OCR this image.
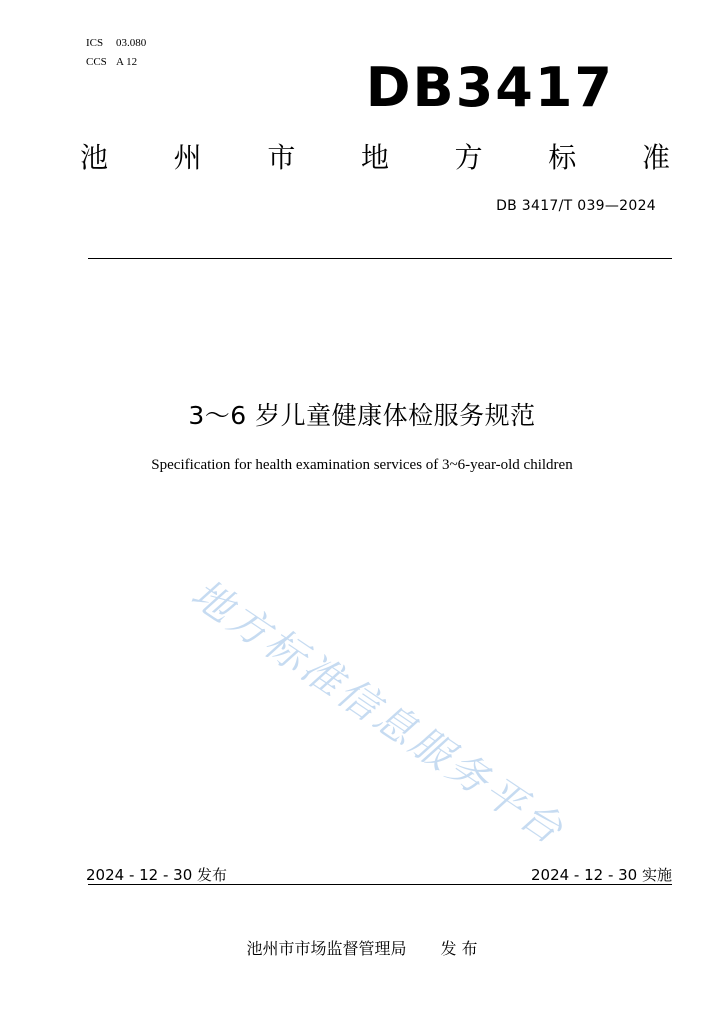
ICS 03.080
CCS A 12	DB3417
池 州 市 地 方 标 准
DB 3417/T 039—2024
3～6 岁儿童健康体检服务规范
Specification for health examination services of 3~6-year-old children
地方标准信息服务平台
2024 - 12 - 30 发布	2024 - 12 - 30 实施
池州市市场监督管理局 发 布
